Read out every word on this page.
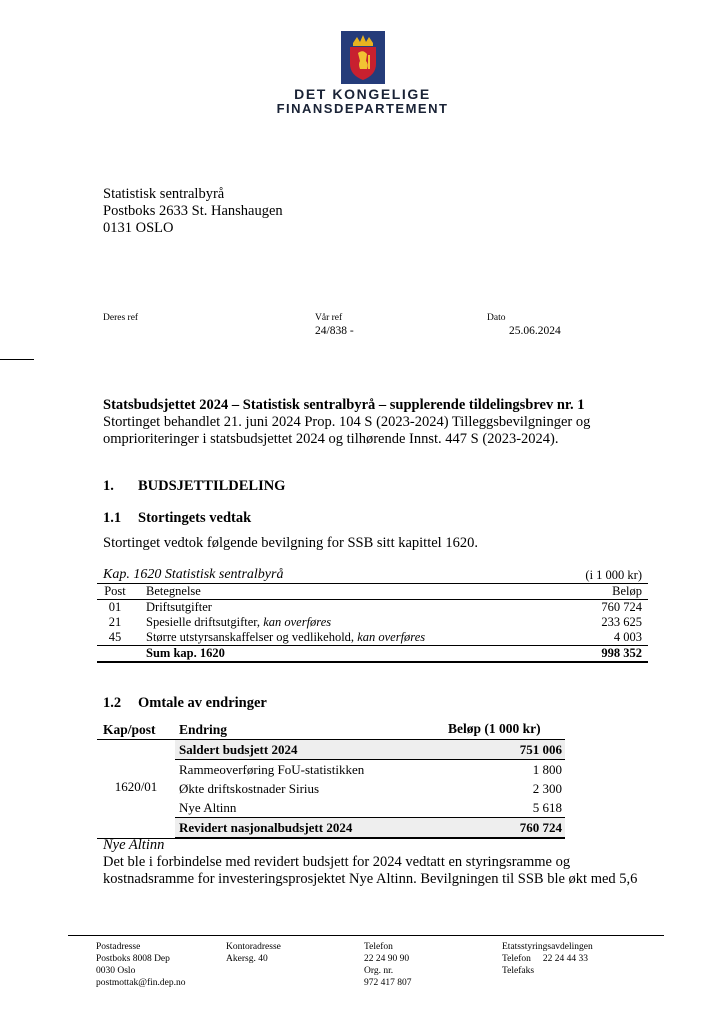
DET KONGELIGE
FINANSDEPARTEMENT
Statistisk sentralbyrå
Postboks 2633 St. Hanshaugen
0131 OSLO
Deres ref	Vår ref
24/838 -
Dato
25.06.2024
Statsbudsjettet 2024 – Statistisk sentralbyrå – supplerende tildelingsbrev nr. 1
Stortinget behandlet 21. juni 2024 Prop. 104 S (2023-2024) Tilleggsbevilgninger og
omprioriteringer i statsbudsjettet 2024 og tilhørende Innst. 447 S (2023-2024).
1. BUDSJETTILDELING
1.1 Stortingets vedtak
Stortinget vedtok følgende bevilgning for SSB sitt kapittel 1620.
Kap. 1620 Statistisk sentralbyrå	(i 1 000 kr)
Post	Betegnelse	Beløp
01	Driftsutgifter	760 724
21	Spesielle driftsutgifter, kan overføres	233 625
45	Større utstyrsanskaffelser og vedlikehold, kan overføres	4 003
Sum kap. 1620	998 352
1.2 Omtale av endringer
Kap/post Endring	Beløp (1 000 kr)
1620/01
Saldert budsjett 2024	751 006
Rammeoverføring FoU-statistikken	1 800
Økte driftskostnader Sirius	2 300
Nye Altinn	5 618
Revidert nasjonalbudsjett 2024	760 724
Nye Altinn
Det ble i forbindelse med revidert budsjett for 2024 vedtatt en styringsramme og
kostnadsramme for investeringsprosjektet Nye Altinn. Bevilgningen til SSB ble økt med 5,6
Postadresse
Postboks 8008 Dep
0030 Oslo
postmottak@fin.dep.no
Kontoradresse
Akersg. 40
Telefon
22 24 90 90
Org. nr.
972 417 807
Etatsstyringsavdelingen
Telefon 22 24 44 33
Telefaks
